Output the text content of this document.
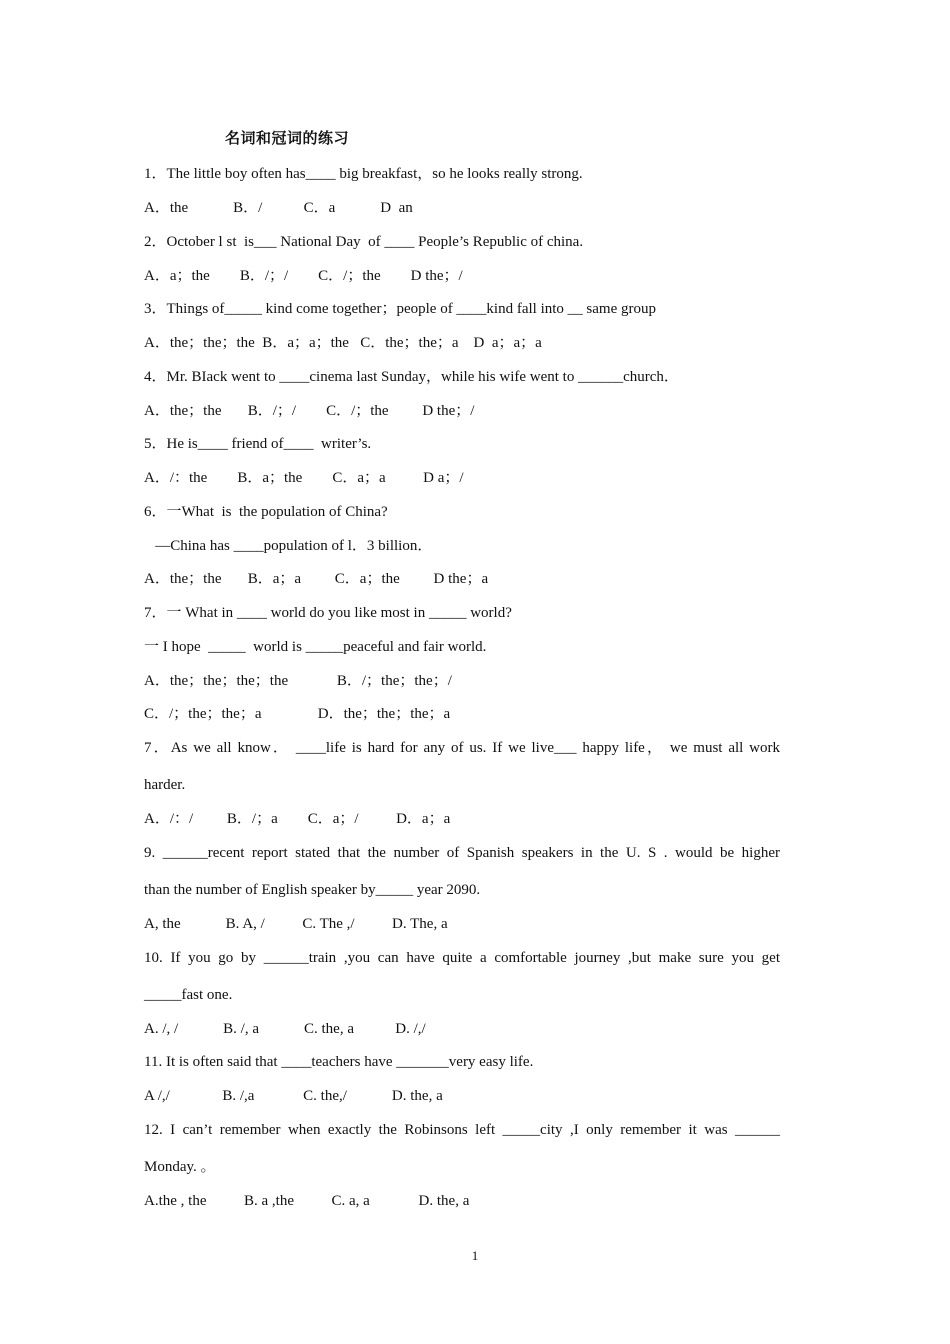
名词和冠词的练习
1．The little boy often has____ big breakfast，so he looks really strong.
A．the            B．/           C．a            D  an
2．October l st  is___ National Day  of ____ People’s Republic of china.
A．a；the        B．/；/        C．/；the        D the；/
3．Things of_____ kind come together；people of ____kind fall into __ same group
A．the；the；the  B．a；a；the   C．the；the；a    D  a；a；a
4．Mr. BIack went to ____cinema last Sunday，while his wife went to ______church．
A．the；the       B．/；/        C．/；the         D the；/
5．He is____ friend of____  writer’s.
A．/：the        B．a；the        C．a；a          D a；/
6．一What  is  the population of China?
—China has ____population of l．3 billion．
A．the；the       B．a；a         C．a；the         D the；a
7．一 What in ____ world do you like most in _____ world?
一 I hope  _____  world is _____peaceful and fair world.
A．the；the；the；the             B．/；the；the；/
C．/；the；the；a               D．the；the；the；a
7．As we all know． ____life is hard for any of us. If we live___ happy life， we must all work
harder.
A．/：/         B．/；a        C．a；/          D．a；a
9. ______recent report stated that the number of Spanish speakers in the U. S . would be higher
than the number of English speaker by_____ year 2090.
A, the            B. A, /          C. The ,/          D. The, a
10. If you go by ______train ,you can have quite a comfortable journey ,but make sure you get
_____fast one.
A. /, /            B. /, a            C. the, a           D. /,/
11. It is often said that ____teachers have _______very easy life.
A /,/              B. /,a             C. the,/            D. the, a
12. I can’t remember when exactly the Robinsons left _____city ,I only remember it was ______
Monday. 。
A.the , the          B. a ,the          C. a, a             D. the, a
1
